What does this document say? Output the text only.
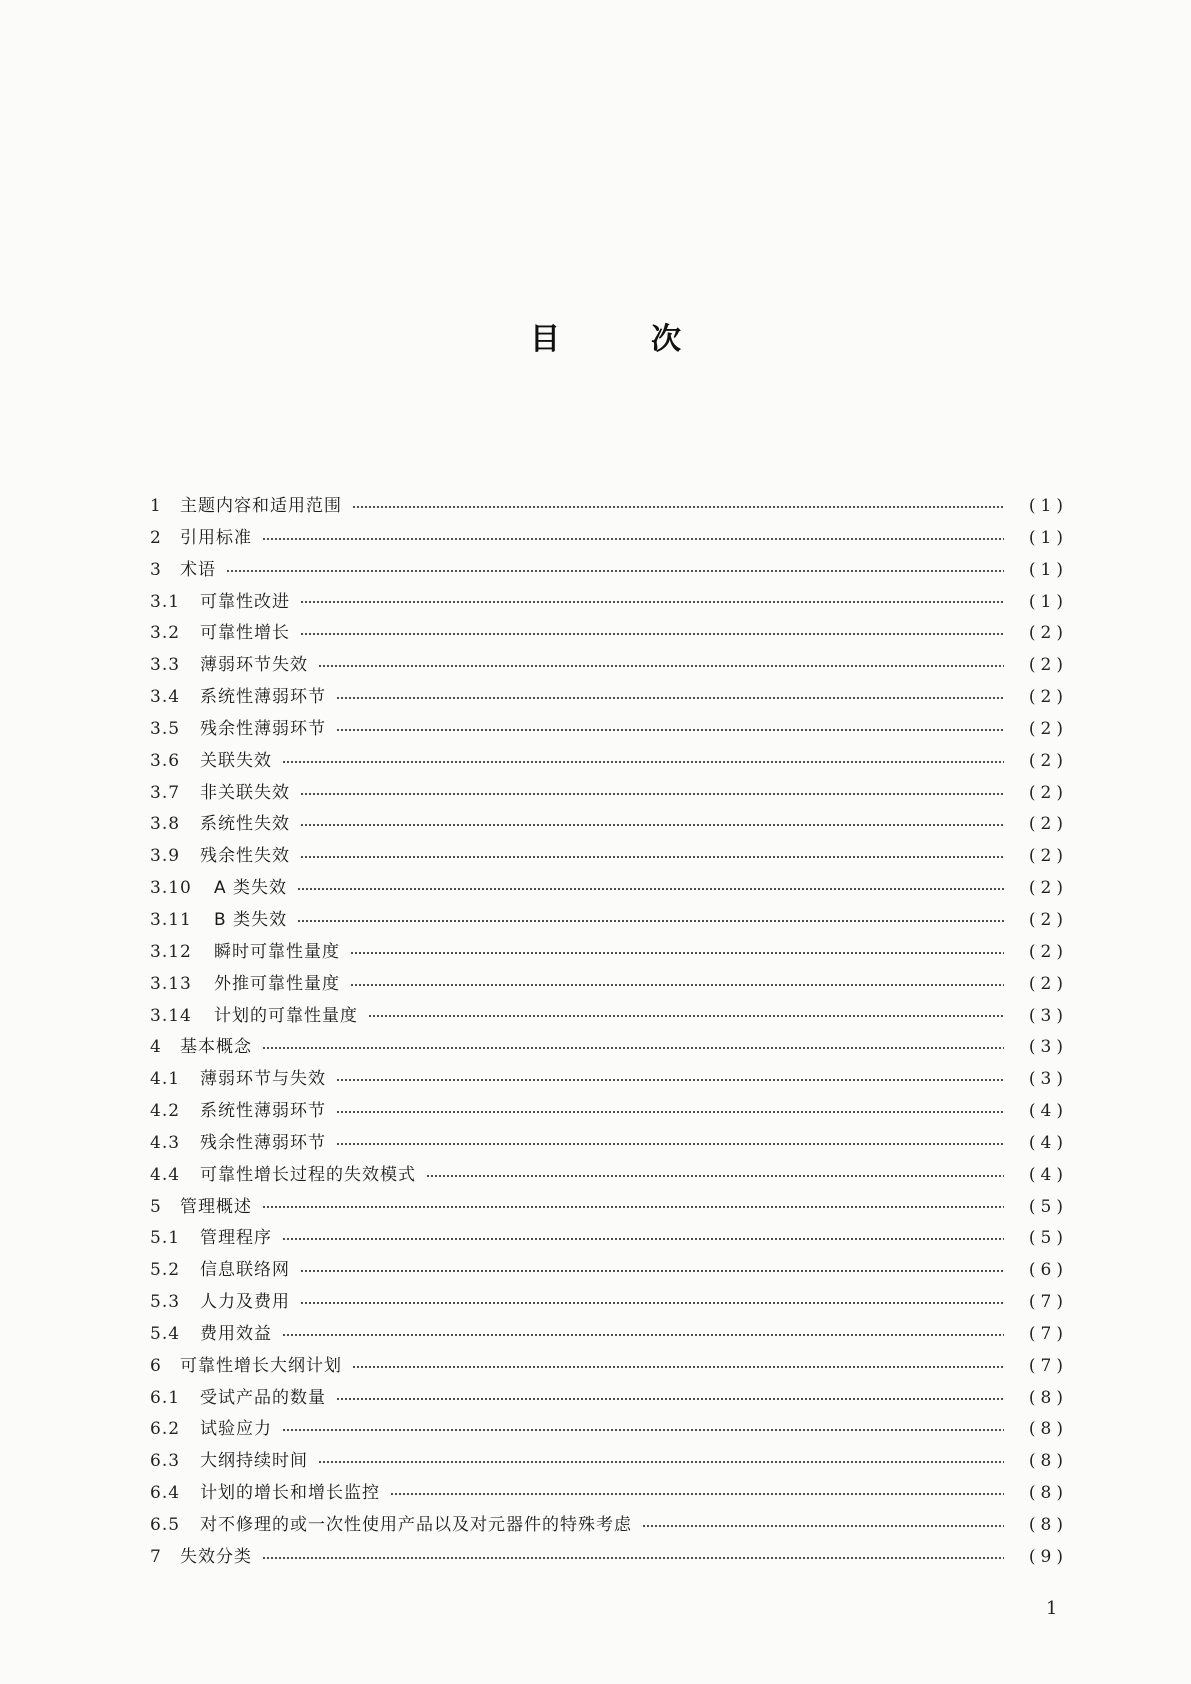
目	次
1	主题内容和适用范围	(1)
2	引用标准	(1)
3	术语	(1)
3.1	可靠性改进	(1)
3.2	可靠性增长	(2)
3.3	薄弱环节失效	(2)
3.4	系统性薄弱环节	(2)
3.5	残余性薄弱环节	(2)
3.6	关联失效	(2)
3.7	非关联失效	(2)
3.8	系统性失效	(2)
3.9	残余性失效	(2)
3.10	A 类失效	(2)
3.11	B 类失效	(2)
3.12	瞬时可靠性量度	(2)
3.13	外推可靠性量度	(2)
3.14	计划的可靠性量度	(3)
4	基本概念	(3)
4.1	薄弱环节与失效	(3)
4.2	系统性薄弱环节	(4)
4.3	残余性薄弱环节	(4)
4.4	可靠性增长过程的失效模式	(4)
5	管理概述	(5)
5.1	管理程序	(5)
5.2	信息联络网	(6)
5.3	人力及费用	(7)
5.4	费用效益	(7)
6	可靠性增长大纲计划	(7)
6.1	受试产品的数量	(8)
6.2	试验应力	(8)
6.3	大纲持续时间	(8)
6.4	计划的增长和增长监控	(8)
6.5	对不修理的或一次性使用产品以及对元器件的特殊考虑	(8)
7	失效分类	(9)
1
